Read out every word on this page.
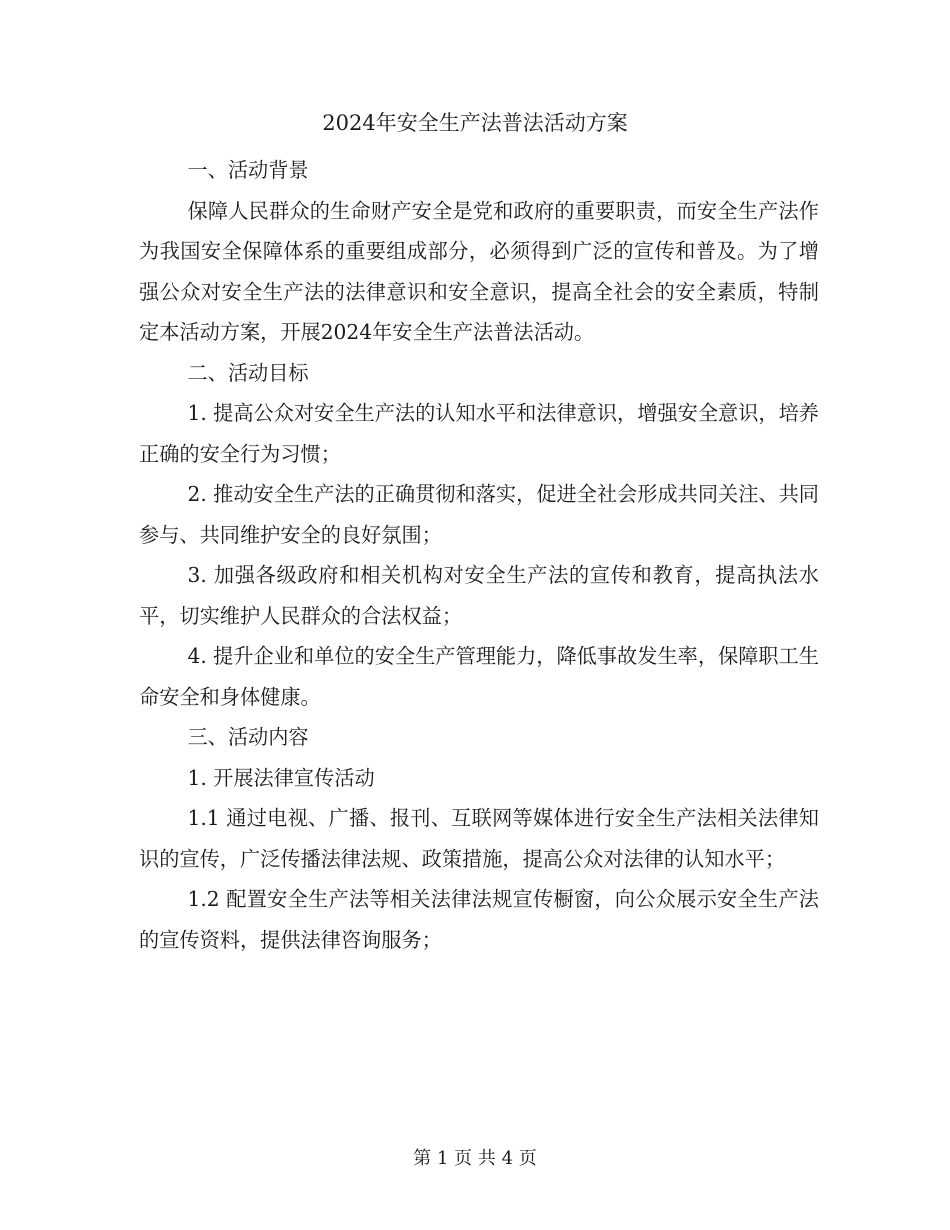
2024年安全生产法普法活动方案

一、活动背景

保障人民群众的生命财产安全是党和政府的重要职责，而安全生产法作为我国安全保障体系的重要组成部分，必须得到广泛的宣传和普及。为了增强公众对安全生产法的法律意识和安全意识，提高全社会的安全素质，特制定本活动方案，开展2024年安全生产法普法活动。

二、活动目标

1. 提高公众对安全生产法的认知水平和法律意识，增强安全意识，培养正确的安全行为习惯；

2. 推动安全生产法的正确贯彻和落实，促进全社会形成共同关注、共同参与、共同维护安全的良好氛围；

3. 加强各级政府和相关机构对安全生产法的宣传和教育，提高执法水平，切实维护人民群众的合法权益；

4. 提升企业和单位的安全生产管理能力，降低事故发生率，保障职工生命安全和身体健康。

三、活动内容

1. 开展法律宣传活动

1.1 通过电视、广播、报刊、互联网等媒体进行安全生产法相关法律知识的宣传，广泛传播法律法规、政策措施，提高公众对法律的认知水平；

1.2 配置安全生产法等相关法律法规宣传橱窗，向公众展示安全生产法的宣传资料，提供法律咨询服务；

第 1 页 共 4 页
